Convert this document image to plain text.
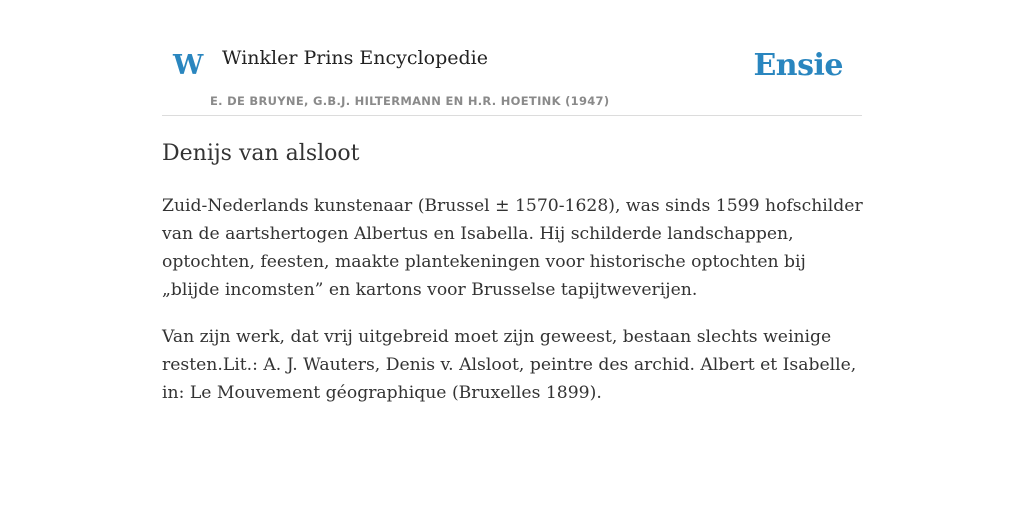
W Winkler Prins Encyclopedie
E. DE BRUYNE, G.B.J. HILTERMANN EN H.R. HOETINK (1947)
Ensie
Denijs van alsloot

Zuid-Nederlands kunstenaar (Brussel ± 1570-1628), was sinds 1599 hofschilder van de aartshertogen Albertus en Isabella. Hij schilderde landschappen, optochten, feesten, maakte plantekeningen voor historische optochten bij „blijde incomsten” en kartons voor Brusselse tapijtweverijen.

Van zijn werk, dat vrij uitgebreid moet zijn geweest, bestaan slechts weinige resten.Lit.: A. J. Wauters, Denis v. Alsloot, peintre des archid. Albert et Isabelle, in: Le Mouvement géographique (Bruxelles 1899).
